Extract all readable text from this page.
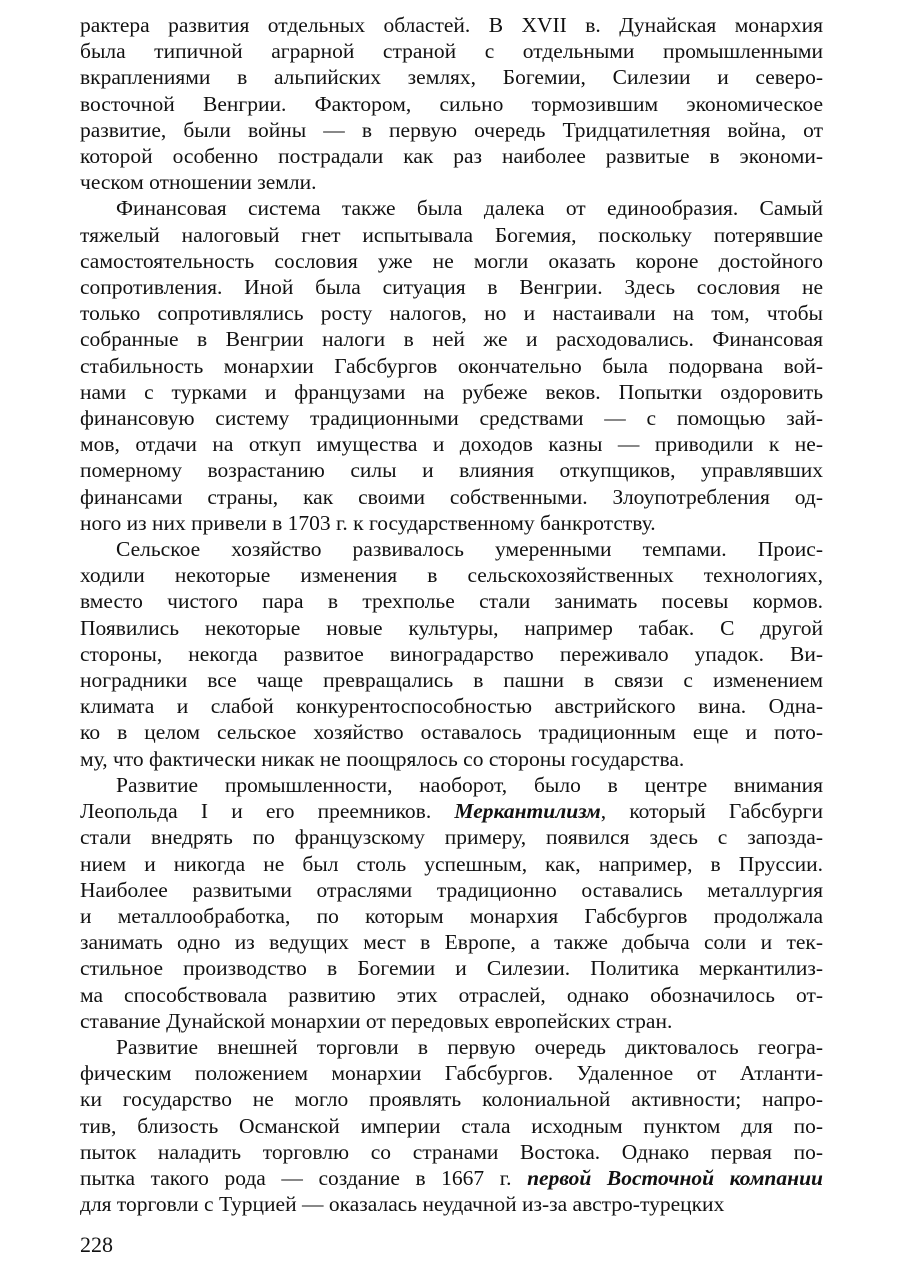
рактера развития отдельных областей. В XVII в. Дунайская монархия
была типичной аграрной страной с отдельными промышленными
вкраплениями в альпийских землях, Богемии, Силезии и северо-
восточной Венгрии. Фактором, сильно тормозившим экономическое
развитие, были войны — в первую очередь Тридцатилетняя война, от
которой особенно пострадали как раз наиболее развитые в экономи-
ческом отношении земли.

Финансовая система также была далека от единообразия. Самый
тяжелый налоговый гнет испытывала Богемия, поскольку потерявшие
самостоятельность сословия уже не могли оказать короне достойного
сопротивления. Иной была ситуация в Венгрии. Здесь сословия не
только сопротивлялись росту налогов, но и настаивали на том, чтобы
собранные в Венгрии налоги в ней же и расходовались. Финансовая
стабильность монархии Габсбургов окончательно была подорвана вой-
нами с турками и французами на рубеже веков. Попытки оздоровить
финансовую систему традиционными средствами — с помощью зай-
мов, отдачи на откуп имущества и доходов казны — приводили к не-
померному возрастанию силы и влияния откупщиков, управлявших
финансами страны, как своими собственными. Злоупотребления од-
ного из них привели в 1703 г. к государственному банкротству.

Сельское хозяйство развивалось умеренными темпами. Проис-
ходили некоторые изменения в сельскохозяйственных технологиях,
вместо чистого пара в трехполье стали занимать посевы кормов.
Появились некоторые новые культуры, например табак. С другой
стороны, некогда развитое виноградарство переживало упадок. Ви-
ноградники все чаще превращались в пашни в связи с изменением
климата и слабой конкурентоспособностью австрийского вина. Одна-
ко в целом сельское хозяйство оставалось традиционным еще и пото-
му, что фактически никак не поощрялось со стороны государства.

Развитие промышленности, наоборот, было в центре внимания
Леопольда I и его преемников. Меркантилизм, который Габсбурги
стали внедрять по французскому примеру, появился здесь с запозда-
нием и никогда не был столь успешным, как, например, в Пруссии.
Наиболее развитыми отраслями традиционно оставались металлургия
и металлообработка, по которым монархия Габсбургов продолжала
занимать одно из ведущих мест в Европе, а также добыча соли и тек-
стильное производство в Богемии и Силезии. Политика меркантилиз-
ма способствовала развитию этих отраслей, однако обозначилось от-
ставание Дунайской монархии от передовых европейских стран.

Развитие внешней торговли в первую очередь диктовалось геогра-
фическим положением монархии Габсбургов. Удаленное от Атланти-
ки государство не могло проявлять колониальной активности; напро-
тив, близость Османской империи стала исходным пунктом для по-
пыток наладить торговлю со странами Востока. Однако первая по-
пытка такого рода — создание в 1667 г. первой Восточной компании
для торговли с Турцией — оказалась неудачной из-за австро-турецких

228
